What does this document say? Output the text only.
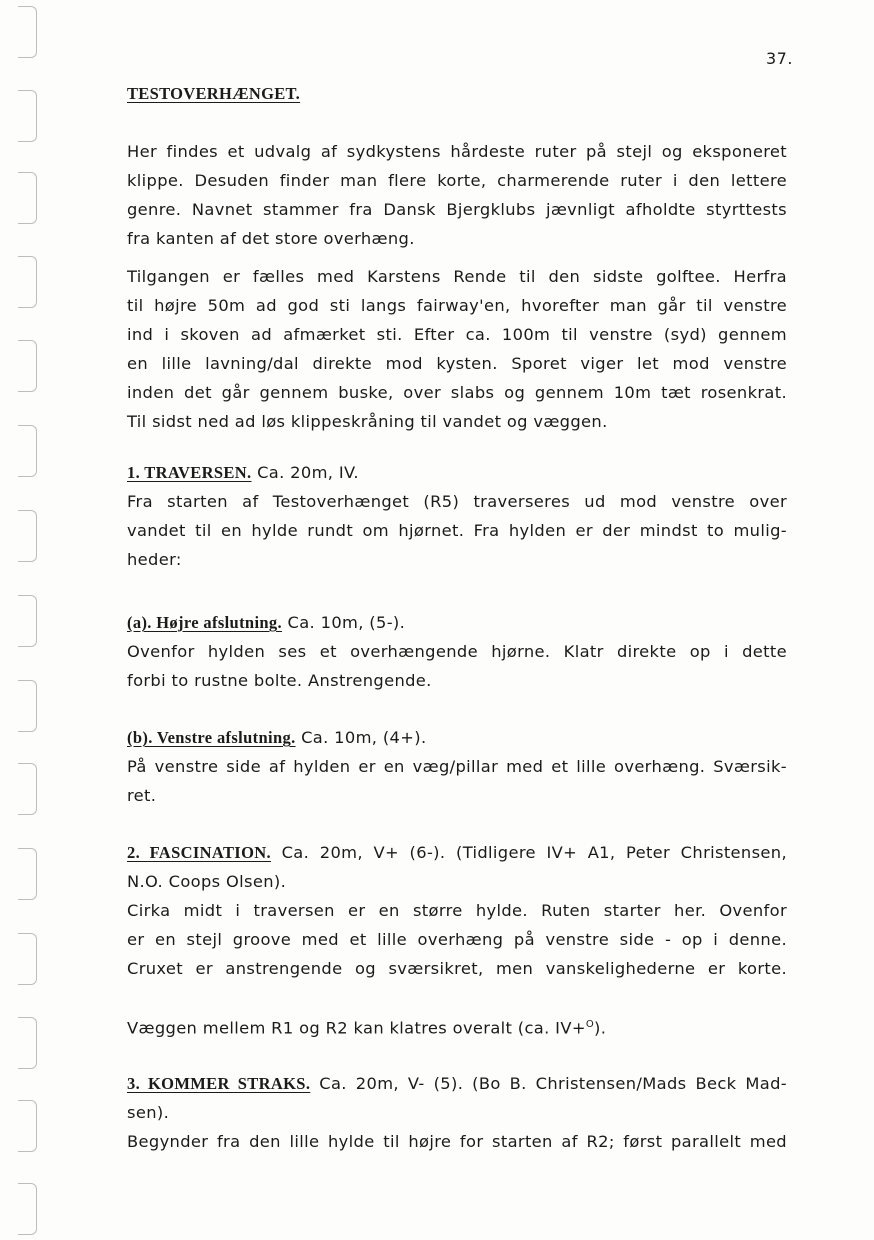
37.
TESTOVERHÆNGET.
Her findes et udvalg af sydkystens hårdeste ruter på stejl og eksponeret
klippe. Desuden finder man flere korte, charmerende ruter i den lettere
genre. Navnet stammer fra Dansk Bjergklubs jævnligt afholdte styrttests
fra kanten af det store overhæng.
Tilgangen er fælles med Karstens Rende til den sidste golftee. Herfra
til højre 50m ad god sti langs fairway'en, hvorefter man går til venstre
ind i skoven ad afmærket sti. Efter ca. 100m til venstre (syd) gennem
en lille lavning/dal direkte mod kysten. Sporet viger let mod venstre
inden det går gennem buske, over slabs og gennem 10m tæt rosenkrat.
Til sidst ned ad løs klippeskråning til vandet og væggen.
1. TRAVERSEN. Ca. 20m, IV.
Fra starten af Testoverhænget (R5) traverseres ud mod venstre over
vandet til en hylde rundt om hjørnet. Fra hylden er der mindst to mulig-
heder:
(a). Højre afslutning. Ca. 10m, (5-).
Ovenfor hylden ses et overhængende hjørne. Klatr direkte op i dette
forbi to rustne bolte. Anstrengende.
(b). Venstre afslutning. Ca. 10m, (4+).
På venstre side af hylden er en væg/pillar med et lille overhæng. Sværsik-
ret.
2. FASCINATION. Ca. 20m, V+ (6-). (Tidligere IV+ A1, Peter Christensen,
N.O. Coops Olsen).
Cirka midt i traversen er en større hylde. Ruten starter her. Ovenfor
er en stejl groove med et lille overhæng på venstre side - op i denne.
Cruxet er anstrengende og sværsikret, men vanskelighederne er korte.
Væggen mellem R1 og R2 kan klatres overalt (ca. IV+$^O$).
3. KOMMER STRAKS. Ca. 20m, V- (5). (Bo B. Christensen/Mads Beck Mad-
sen).
Begynder fra den lille hylde til højre for starten af R2; først parallelt med
